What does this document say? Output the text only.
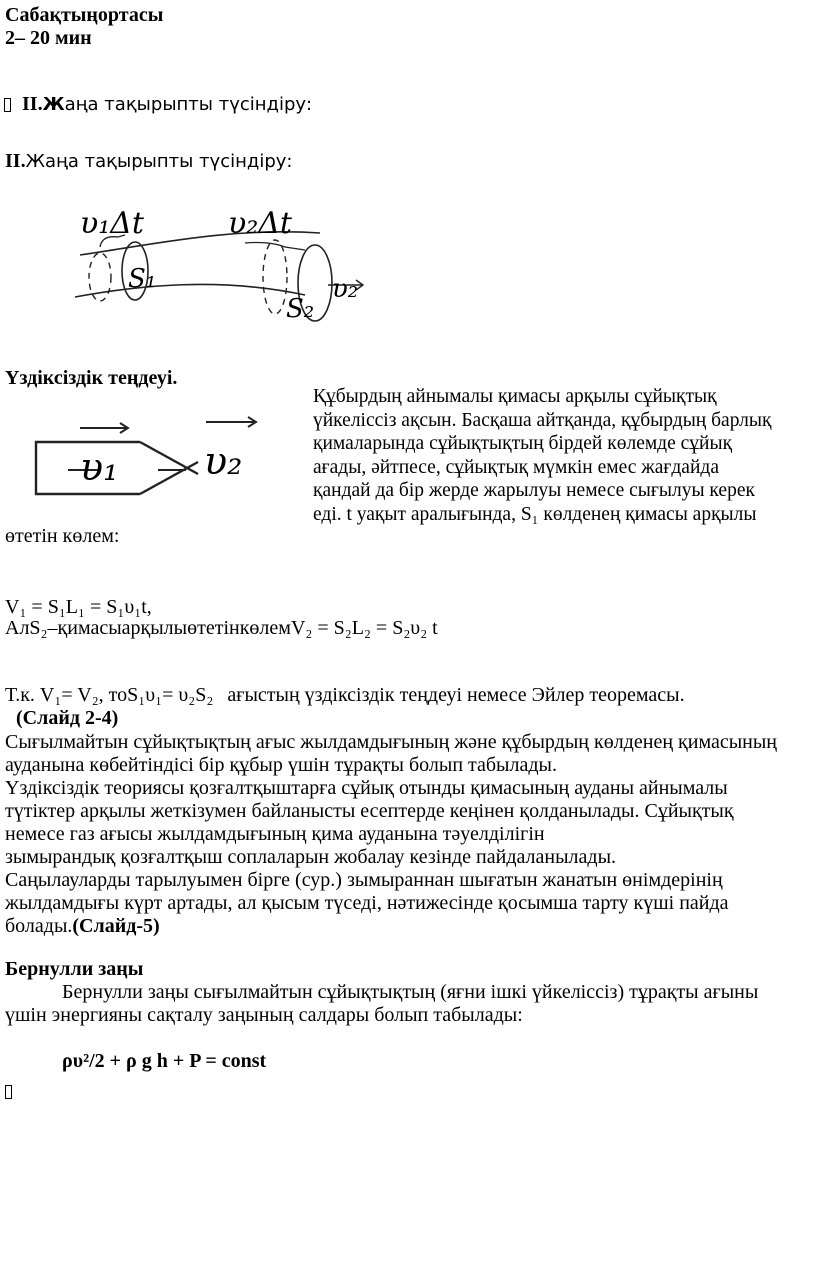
Сабақтыңортасы
2– 20 мин
II.Жаңа тақырыпты түсіндіру:
II.Жаңа тақырыпты түсіндіру:
υ₁Δt	υ₂Δt
S₁
S₂
υ₂
Үздіксіздік теңдеуі.
υ₁ υ₂
Құбырдың айнымалы қимасы арқылы сұйықтық
үйкеліссіз ақсын. Басқаша айтқанда, құбырдың барлық
қималарында сұйықтықтың бірдей көлемде сұйық
ағады, әйтпесе, сұйықтық мүмкін емес жағдайда
қандай да бір жерде жарылуы немесе сығылуы керек
еді. t уақыт аралығында, S₁ көлденең қимасы арқылы
өтетін көлем:
V₁ = S₁L₁ = S₁υ₁t,
АлS₂–қимасыарқылыөтетінкөлемV₂ = S₂L₂ = S₂υ₂ t
Т.к. V₁= V₂, тоS₁υ₁= υ₂S₂ ағыстың үздіксіздік теңдеуі немесе Эйлер теоремасы.
(Слайд 2-4)
Сығылмайтын сұйықтықтың ағыс жылдамдығының және құбырдың көлденең қимасының
ауданына көбейтіндісі бір құбыр үшін тұрақты болып табылады.
Үздіксіздік теориясы қозғалтқыштарға сұйық отынды қимасының ауданы айнымалы
түтіктер арқылы жеткізумен байланысты есептерде кеңінен қолданылады. Сұйықтық
немесе газ ағысы жылдамдығының қима ауданына тәуелділігін
зымырандық қозғалтқыш соплаларын жобалау кезінде пайдаланылады.
Саңылауларды тарылуымен бірге (сур.) зымыраннан шығатын жанатын өнімдерінің
жылдамдығы күрт артады, ал қысым түседі, нәтижесінде қосымша тарту күші пайда
болады.(Слайд-5)
Бернулли заңы
Бернулли заңы сығылмайтын сұйықтықтың (яғни ішкі үйкеліссіз) тұрақты ағыны
үшін энергияны сақталу заңының салдары болып табылады:
ρυ²/2 + ρ g h + P = const
